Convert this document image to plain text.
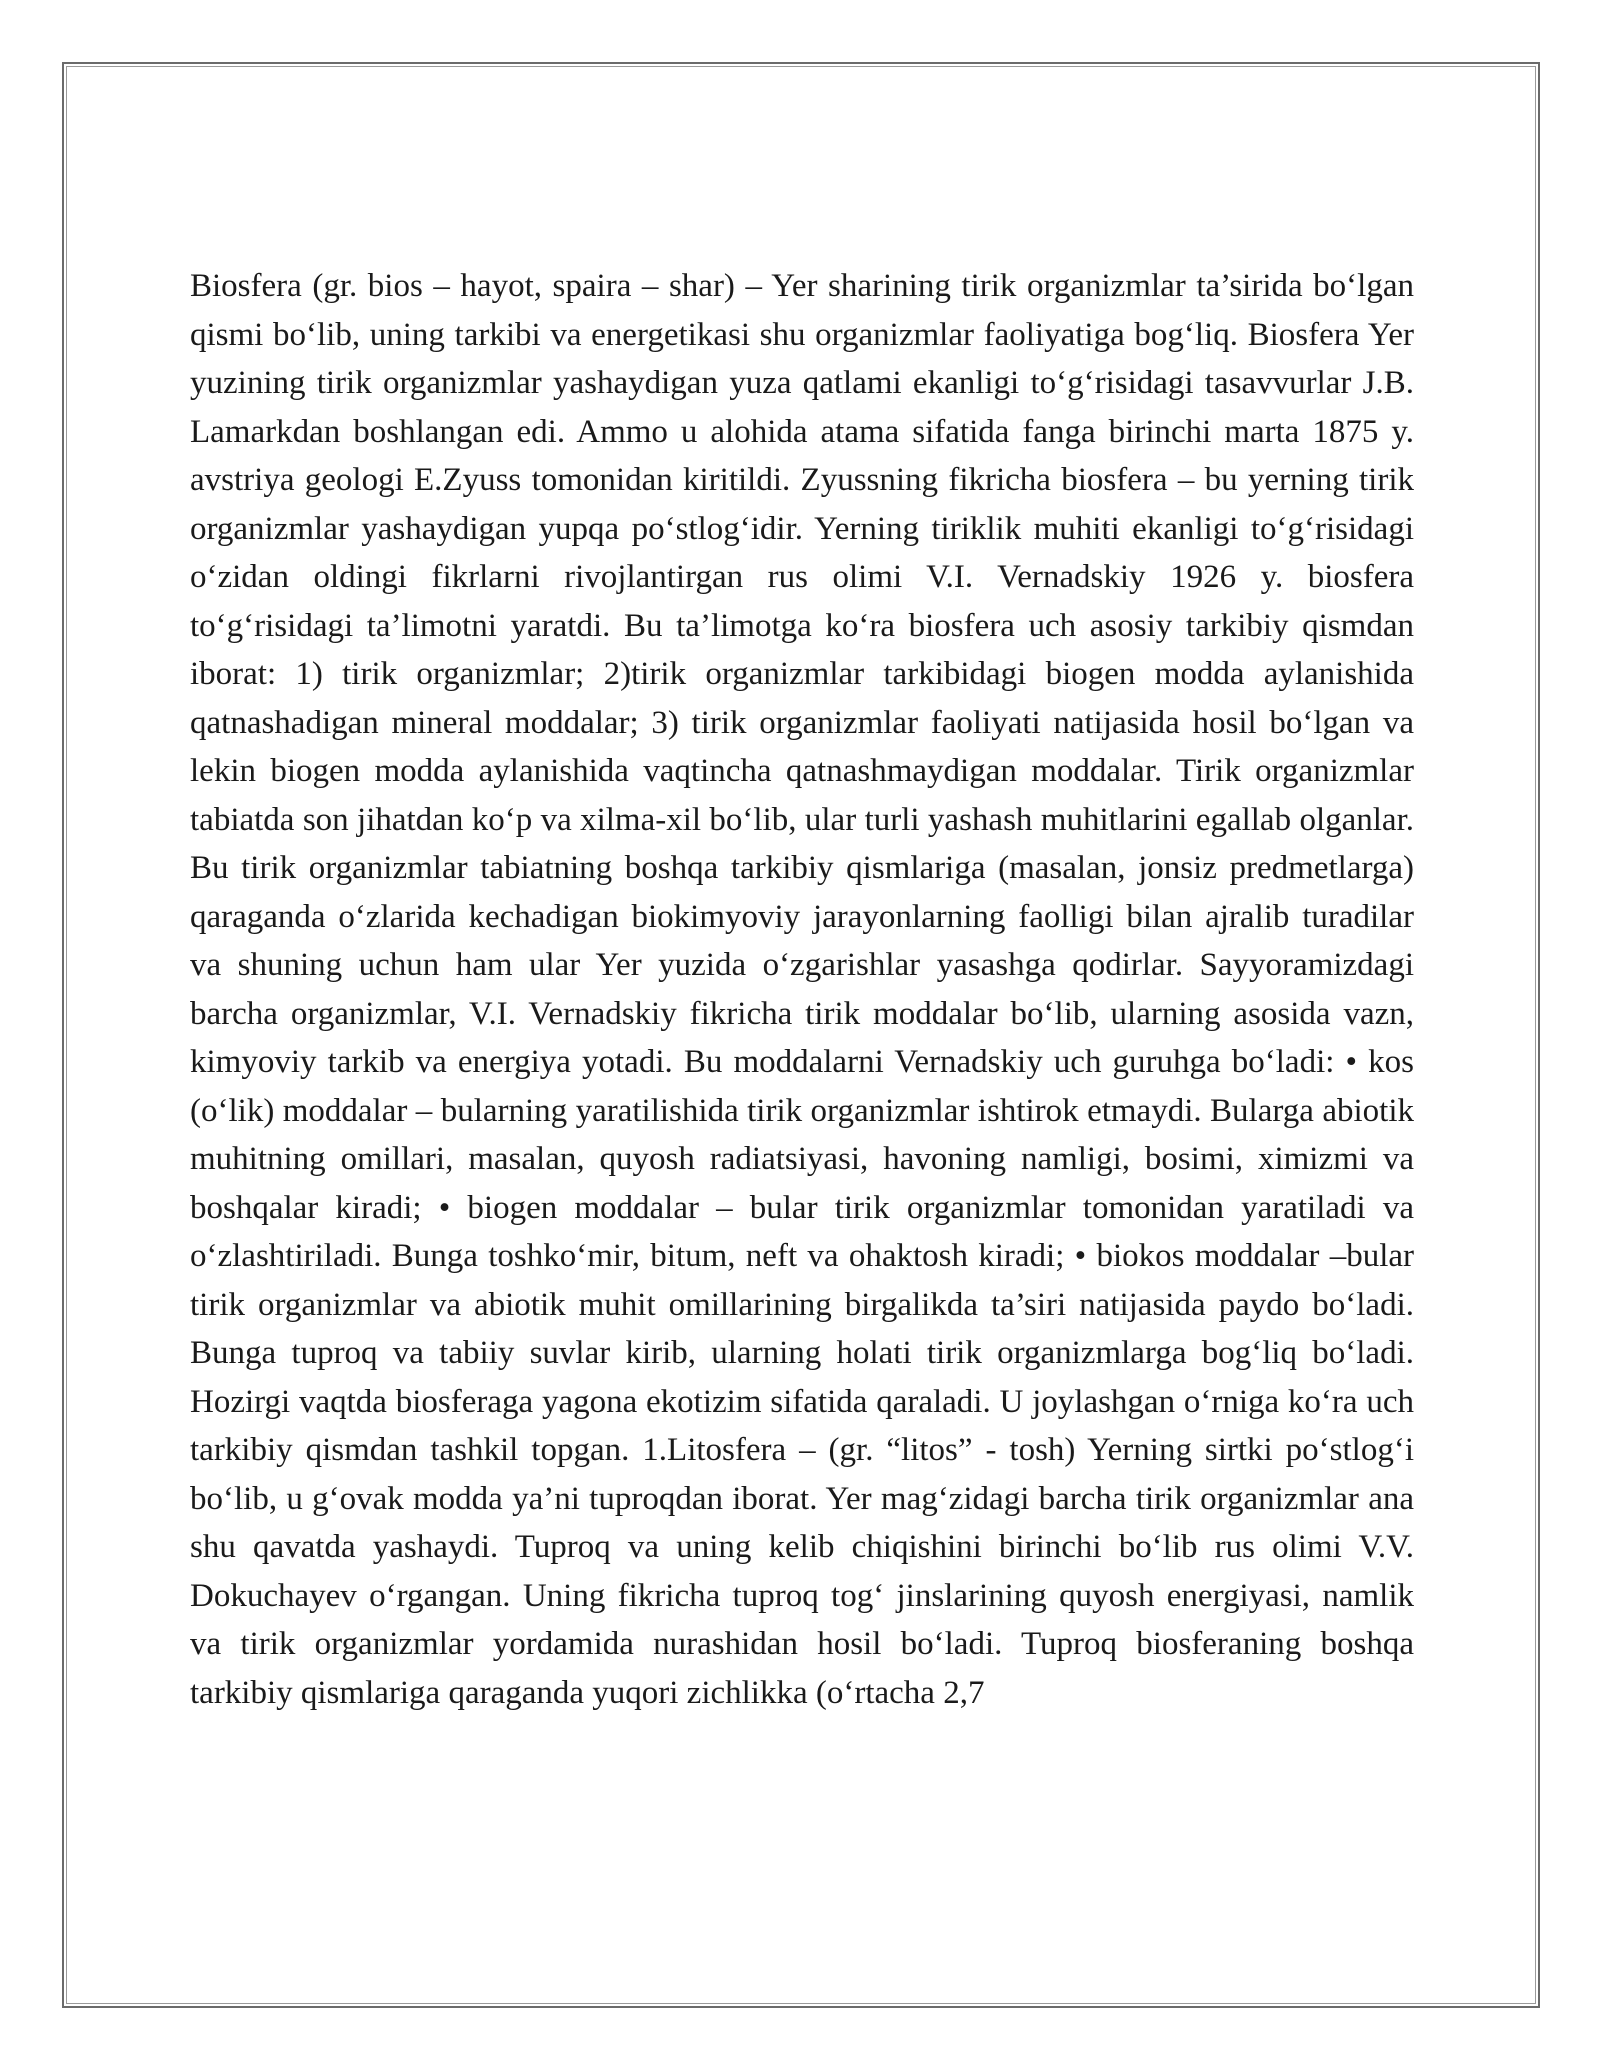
Biosfera (gr. bios – hayot, spaira – shar) – Yer sharining tirik organizmlar ta’sirida bo‘lgan qismi bo‘lib, uning tarkibi va energetikasi shu organizmlar faoliyatiga bog‘liq. Biosfera Yer yuzining tirik organizmlar yashaydigan yuza qatlami ekanligi to‘g‘risidagi tasavvurlar J.B. Lamarkdan boshlangan edi. Ammo u alohida atama sifatida fanga birinchi marta 1875 y. avstriya geologi E.Zyuss tomonidan kiritildi. Zyussning fikricha biosfera – bu yerning tirik organizmlar yashaydigan yupqa po‘stlog‘idir. Yerning tiriklik muhiti ekanligi to‘g‘risidagi o‘zidan oldingi fikrlarni rivojlantirgan rus olimi V.I. Vernadskiy 1926 y. biosfera to‘g‘risidagi ta’limotni yaratdi. Bu ta’limotga ko‘ra biosfera uch asosiy tarkibiy qismdan iborat: 1) tirik organizmlar; 2)tirik organizmlar tarkibidagi biogen modda aylanishida qatnashadigan mineral moddalar; 3) tirik organizmlar faoliyati natijasida hosil bo‘lgan va lekin biogen modda aylanishida vaqtincha qatnashmaydigan moddalar. Tirik organizmlar tabiatda son jihatdan ko‘p va xilma-xil bo‘lib, ular turli yashash muhitlarini egallab olganlar. Bu tirik organizmlar tabiatning boshqa tarkibiy qismlariga (masalan, jonsiz predmetlarga) qaraganda o‘zlarida kechadigan biokimyoviy jarayonlarning faolligi bilan ajralib turadilar va shuning uchun ham ular Yer yuzida o‘zgarishlar yasashga qodirlar. Sayyoramizdagi barcha organizmlar, V.I. Vernadskiy fikricha tirik moddalar bo‘lib, ularning asosida vazn, kimyoviy tarkib va energiya yotadi. Bu moddalarni Vernadskiy uch guruhga bo‘ladi: • kos (o‘lik) moddalar – bularning yaratilishida tirik organizmlar ishtirok etmaydi. Bularga abiotik muhitning omillari, masalan, quyosh radiatsiyasi, havoning namligi, bosimi, ximizmi va boshqalar kiradi; • biogen moddalar – bular tirik organizmlar tomonidan yaratiladi va o‘zlashtiriladi. Bunga toshko‘mir, bitum, neft va ohaktosh kiradi; • biokos moddalar –bular tirik organizmlar va abiotik muhit omillarining birgalikda ta’siri natijasida paydo bo‘ladi. Bunga tuproq va tabiiy suvlar kirib, ularning holati tirik organizmlarga bog‘liq bo‘ladi. Hozirgi vaqtda biosferaga yagona ekotizim sifatida qaraladi. U joylashgan o‘rniga ko‘ra uch tarkibiy qismdan tashkil topgan. 1.Litosfera – (gr. “litos” - tosh) Yerning sirtki po‘stlog‘i bo‘lib, u g‘ovak modda ya’ni tuproqdan iborat. Yer mag‘zidagi barcha tirik organizmlar ana shu qavatda yashaydi. Tuproq va uning kelib chiqishini birinchi bo‘lib rus olimi V.V. Dokuchayev o‘rgangan. Uning fikricha tuproq tog‘ jinslarining quyosh energiyasi, namlik va tirik organizmlar yordamida nurashidan hosil bo‘ladi. Tuproq biosferaning boshqa tarkibiy qismlariga qaraganda yuqori zichlikka (o‘rtacha 2,7
